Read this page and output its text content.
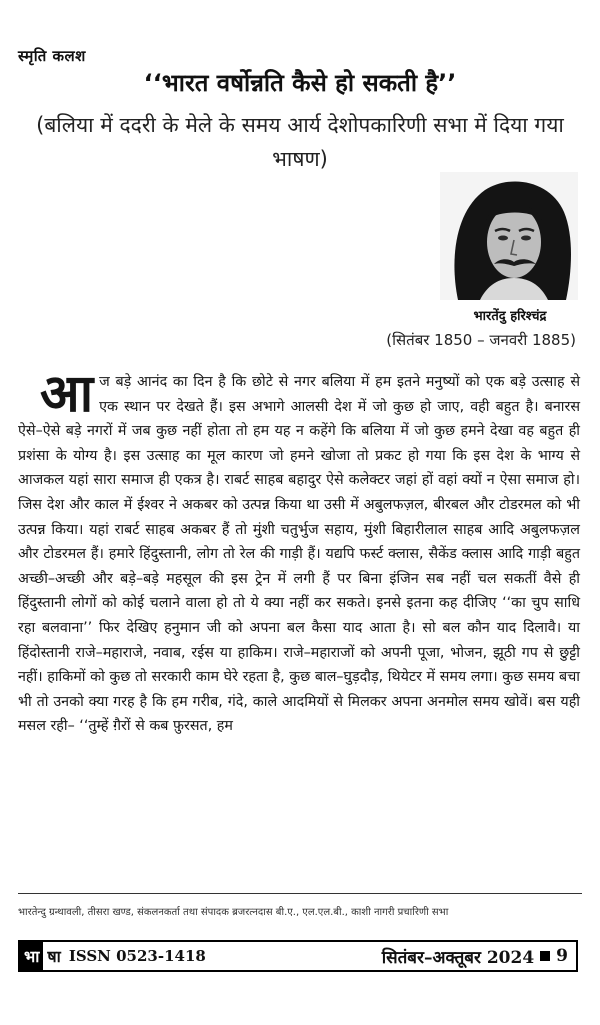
स्मृति कलश
‘‘भारत वर्षोन्नति कैसे हो सकती है’’
(बलिया में ददरी के मेले के समय आर्य देशोपकारिणी सभा में दिया गया भाषण)
भारतेंदु हरिश्चंद्र
(सितंबर 1850 – जनवरी 1885)
आ ज बड़े आनंद का दिन है कि छोटे से नगर बलिया में हम इतने मनुष्यों को एक बड़े उत्साह से एक स्थान पर देखते हैं। इस अभागे आलसी देश में जो कुछ हो जाए, वही बहुत है। बनारस ऐसे–ऐसे बड़े नगरों में जब कुछ नहीं होता तो हम यह न कहेंगे कि बलिया में जो कुछ हमने देखा वह बहुत ही प्रशंसा के योग्य है। इस उत्साह का मूल कारण जो हमने खोजा तो प्रकट हो गया कि इस देश के भाग्य से आजकल यहां सारा समाज ही एकत्र है। राबर्ट साहब बहादुर ऐसे कलेक्टर जहां हों वहां क्यों न ऐसा समाज हो। जिस देश और काल में ईश्वर ने अकबर को उत्पन्न किया था उसी में अबुलफज़ल, बीरबल और टोडरमल को भी उत्पन्न किया। यहां राबर्ट साहब अकबर हैं तो मुंशी चतुर्भुज सहाय, मुंशी बिहारीलाल साहब आदि अबुलफज़ल और टोडरमल हैं। हमारे हिंदुस्तानी, लोग तो रेल की गाड़ी हैं। यद्यपि फर्स्ट क्लास, सैकेंड क्लास आदि गाड़ी बहुत अच्छी–अच्छी और बड़े–बड़े महसूल की इस ट्रेन में लगी हैं पर बिना इंजिन सब नहीं चल सकतीं वैसे ही हिंदुस्तानी लोगों को कोई चलाने वाला हो तो ये क्या नहीं कर सकते। इनसे इतना कह दीजिए ‘‘का चुप साधि रहा बलवाना’’ फिर देखिए हनुमान जी को अपना बल कैसा याद आता है। सो बल कौन याद दिलावै। या हिंदोस्तानी राजे–महाराजे, नवाब, रईस या हाकिम। राजे–महाराजों को अपनी पूजा, भोजन, झूठी गप से छुट्टी नहीं। हाकिमों को कुछ तो सरकारी काम घेरे रहता है, कुछ बाल–घुड़दौड़, थियेटर में समय लगा। कुछ समय बचा भी तो उनको क्या गरह है कि हम गरीब, गंदे, काले आदमियों से मिलकर अपना अनमोल समय खोवें। बस यही मसल रही– ‘‘तुम्हें ग़ैरों से कब फ़ुरसत, हम
भारतेन्दु ग्रन्थावली, तीसरा खण्ड, संकलनकर्ता तथा संपादक ब्रजरत्नदास बी.ए., एल.एल.बी., काशी नागरी प्रचारिणी सभा
भा षा ISSN 0523-1418	सितंबर–अक्तूबर 2024 9
